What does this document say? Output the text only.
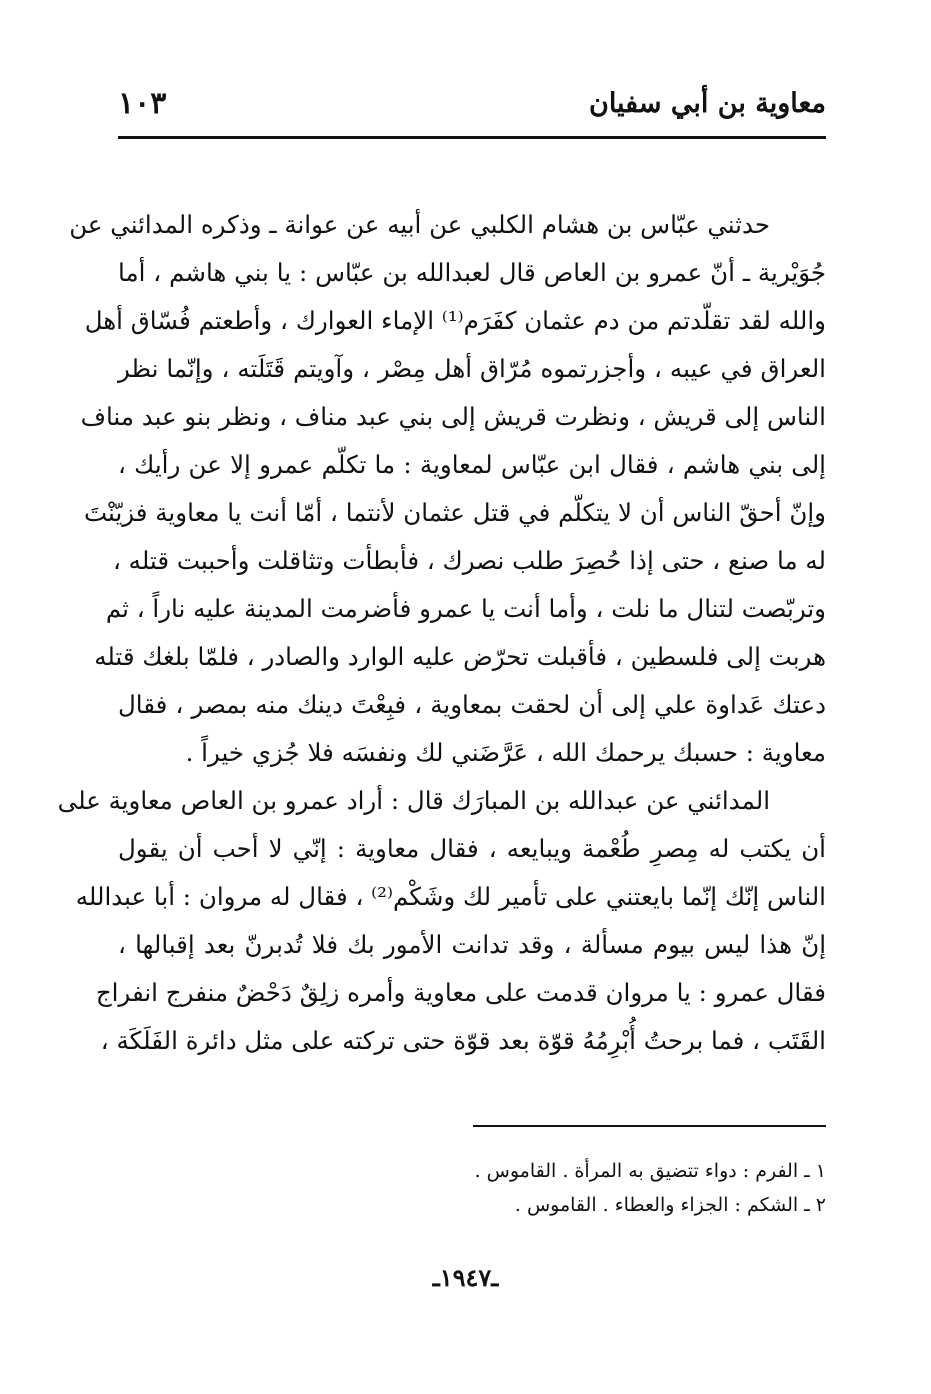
معاوية بن أبي سفيان
١٠٣
حدثني عبّاس بن هشام الكلبي عن أبيه عن عوانة ـ وذكره المدائني عن
جُوَيْرية ـ أنّ عمرو بن العاص قال لعبدالله بن عبّاس : يا بني هاشم ، أما
والله لقد تقلّدتم من دم عثمان كفَرَم⁽¹⁾ الإماء العوارك ، وأطعتم فُسّاق أهل
العراق في عيبه ، وأجزرتموه مُرّاق أهل مِصْر ، وآويتم قَتَلَته ، وإنّما نظر
الناس إلى قريش ، ونظرت قريش إلى بني عبد مناف ، ونظر بنو عبد مناف
إلى بني هاشم ، فقال ابن عبّاس لمعاوية : ما تكلّم عمرو إلا عن رأيك ،
وإنّ أحقّ الناس أن لا يتكلّم في قتل عثمان لأنتما ، أمّا أنت يا معاوية فزيّنْتَ
له ما صنع ، حتى إذا حُصِرَ طلب نصرك ، فأبطأت وتثاقلت وأحببت قتله ،
وتربّصت لتنال ما نلت ، وأما أنت يا عمرو فأضرمت المدينة عليه ناراً ، ثم
هربت إلى فلسطين ، فأقبلت تحرّض عليه الوارد والصادر ، فلمّا بلغك قتله
دعتك عَداوة علي إلى أن لحقت بمعاوية ، فبِعْتَ دينك منه بمصر ، فقال
معاوية : حسبك يرحمك الله ، عَرَّضَني لك ونفسَه فلا جُزي خيراً .
المدائني عن عبدالله بن المبارَك قال : أراد عمرو بن العاص معاوية على
أن يكتب له مِصرِ طُعْمة ويبايعه ، فقال معاوية : إنّي لا أحب أن يقول
الناس إنّك إنّما بايعتني على تأمير لك وشَكْم⁽²⁾ ، فقال له مروان : أبا عبدالله
إنّ هذا ليس بيوم مسألة ، وقد تدانت الأمور بك فلا تُدبرنّ بعد إقبالها ،
فقال عمرو : يا مروان قدمت على معاوية وأمره زلِقٌ دَحْضٌ منفرج انفراج
القَتَب ، فما برحتُ أُبْرِمُهُ قوّة بعد قوّة حتى تركته على مثل دائرة الفَلَكَة ،
١ ـ الفرم : دواء تتضيق به المرأة . القاموس .
٢ ـ الشكم : الجزاء والعطاء . القاموس .
ـ١٩٤٧ـ
